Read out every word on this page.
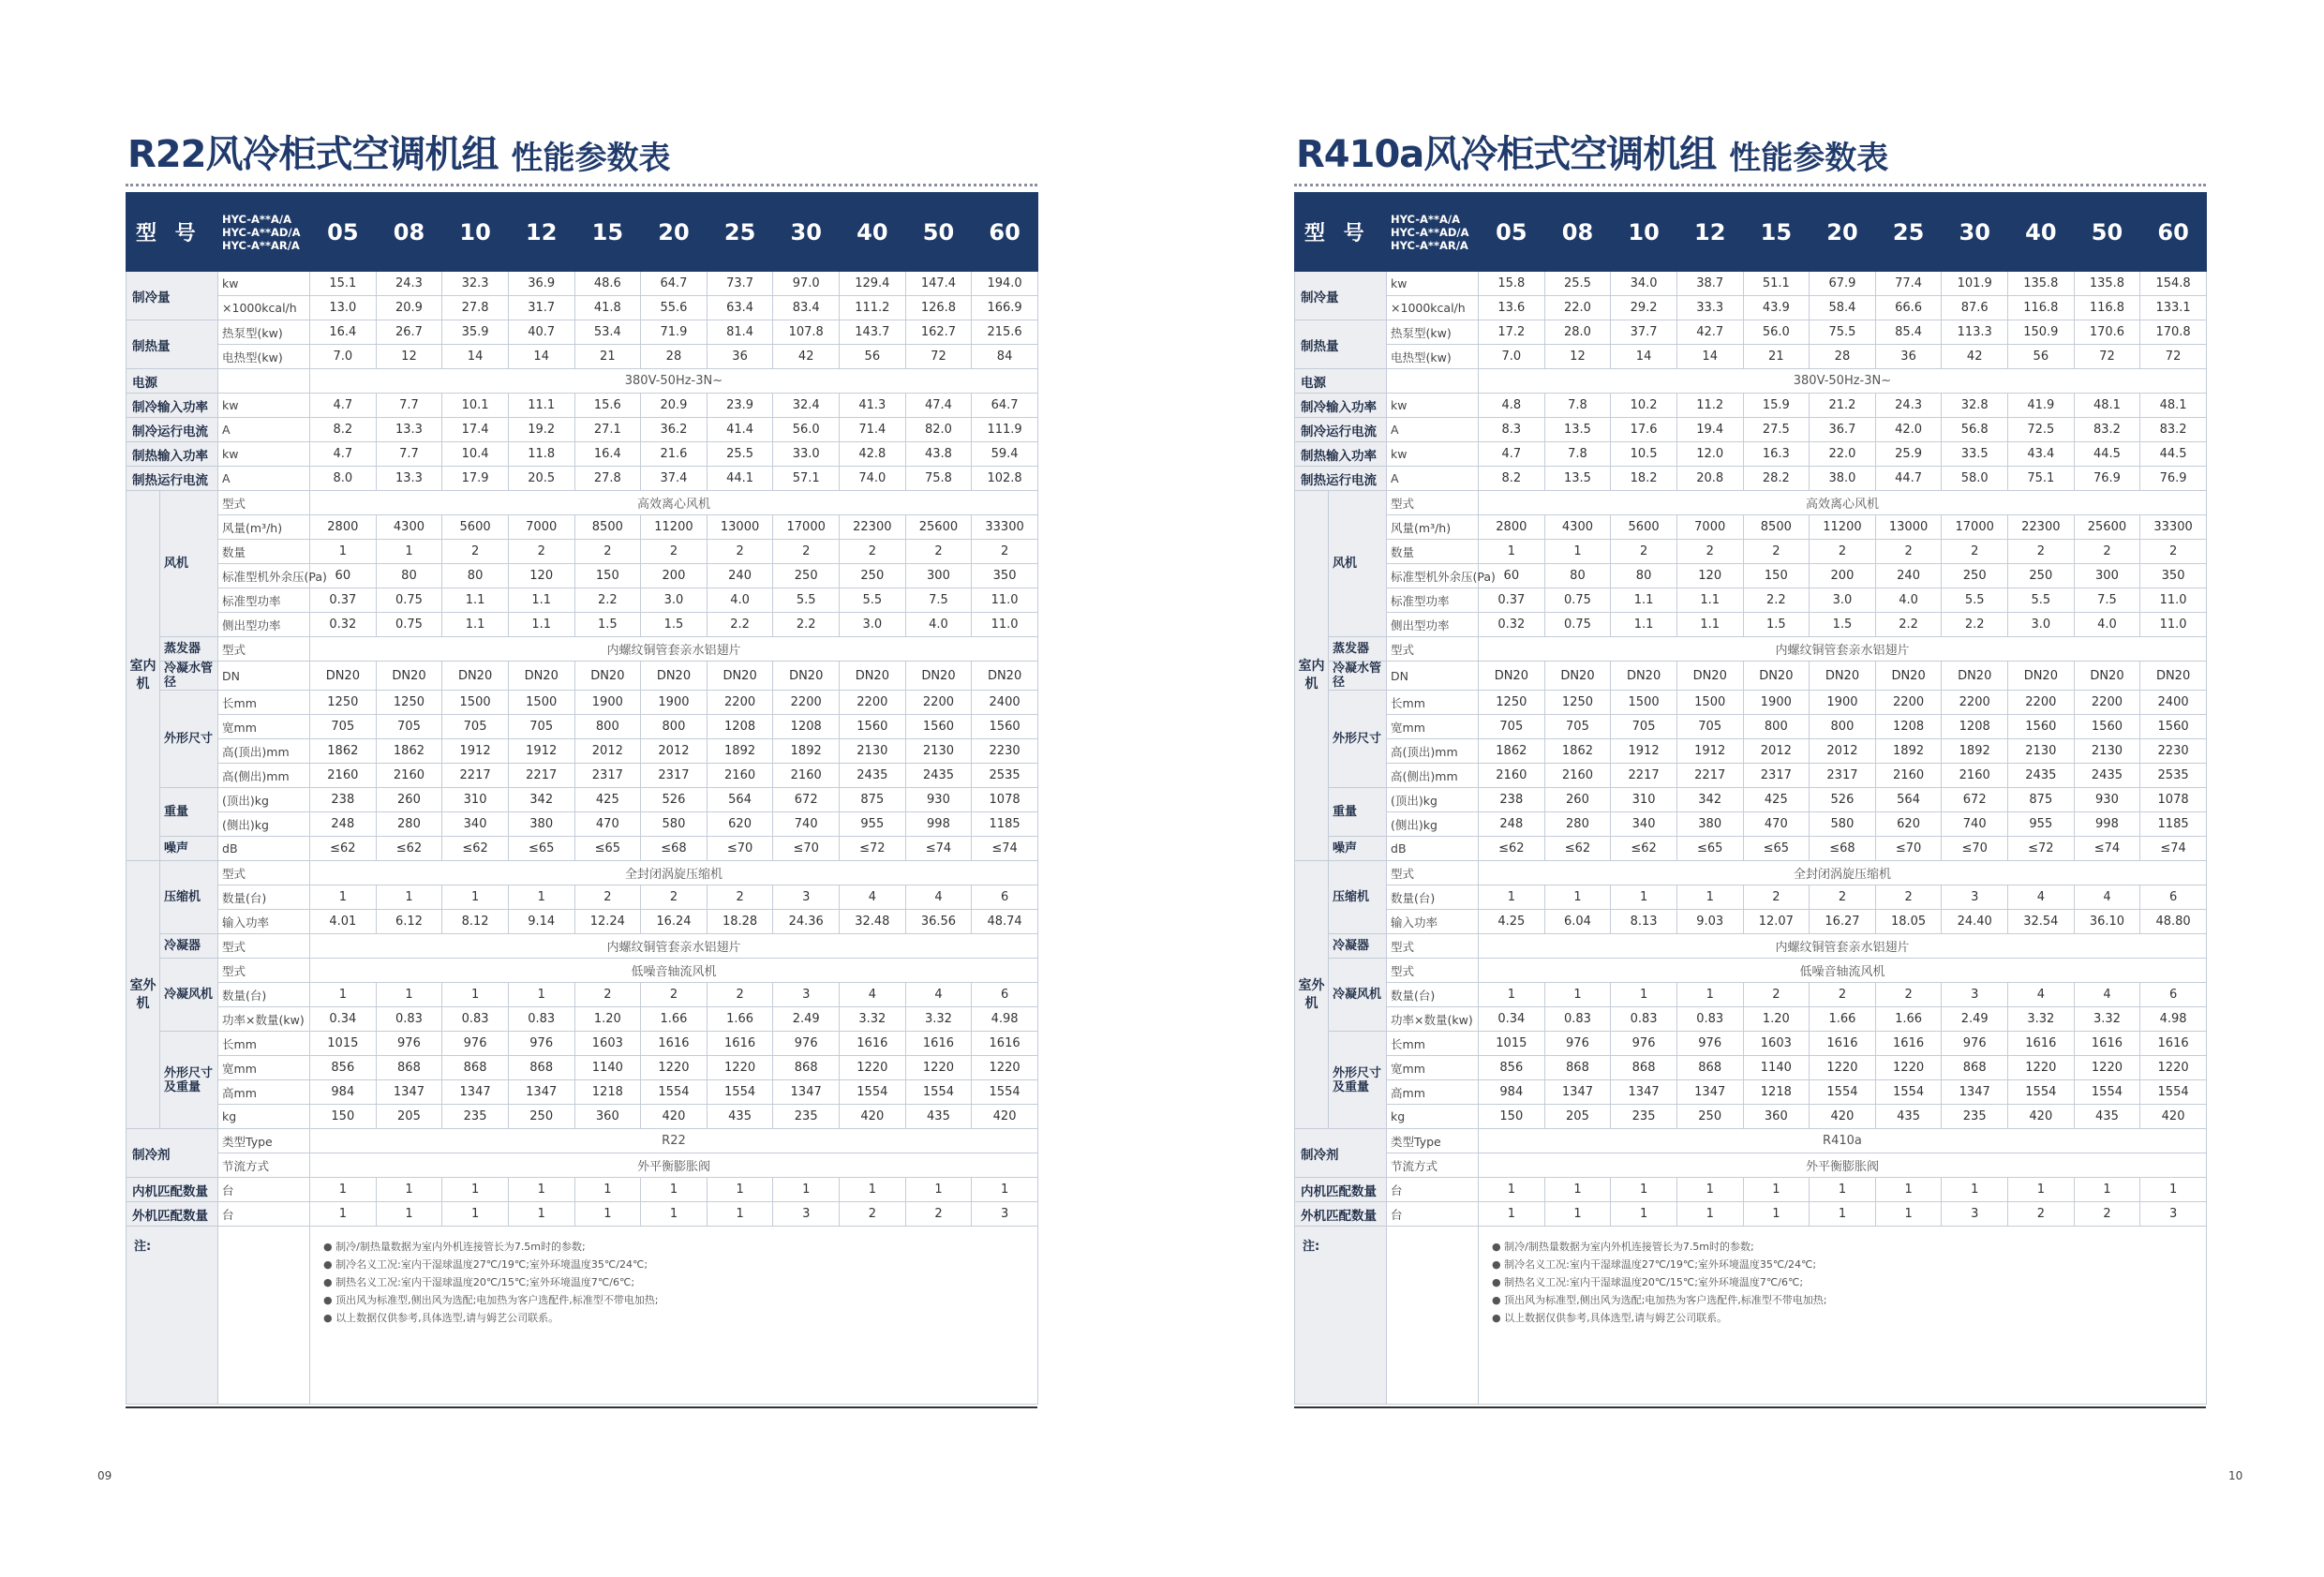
R22风冷柜式空调机组 性能参数表
型 号		HYC-A**A/A HYC-A**AD/A HYC-A**AR/A	05	08	10	12	15	20	25	30	40	50	60
制冷量		kw	15.1	24.3	32.3	36.9	48.6	64.7	73.7	97.0	129.4	147.4	194.0
		×1000kcal/h	13.0	20.9	27.8	31.7	41.8	55.6	63.4	83.4	111.2	126.8	166.9
制热量		热泵型(kw)	16.4	26.7	35.9	40.7	53.4	71.9	81.4	107.8	143.7	162.7	215.6
		电热型(kw)	7.0	12	14	14	21	28	36	42	56	72	84
电源			380V-50Hz-3N~										
制冷输入功率		kw	4.7	7.7	10.1	11.1	15.6	20.9	23.9	32.4	41.3	47.4	64.7
制冷运行电流		A	8.2	13.3	17.4	19.2	27.1	36.2	41.4	56.0	71.4	82.0	111.9
制热输入功率		kw	4.7	7.7	10.4	11.8	16.4	21.6	25.5	33.0	42.8	43.8	59.4
制热运行电流		A	8.0	13.3	17.9	20.5	27.8	37.4	44.1	57.1	74.0	75.8	102.8
室内机	风机	型式	高效离心风机										
		风量(m³/h)	2800	4300	5600	7000	8500	11200	13000	17000	22300	25600	33300
		数量	1	1	2	2	2	2	2	2	2	2	2
		标准型机外余压(Pa)	60	80	80	120	150	200	240	250	250	300	350
		标准型功率	0.37	0.75	1.1	1.1	2.2	3.0	4.0	5.5	5.5	7.5	11.0
		侧出型功率	0.32	0.75	1.1	1.1	1.5	1.5	2.2	2.2	3.0	4.0	11.0
	蒸发器	型式	内螺纹铜管套亲水铝翅片										
	冷凝水管径	DN	DN20	DN20	DN20	DN20	DN20	DN20	DN20	DN20	DN20	DN20	DN20
	外形尺寸	长mm	1250	1250	1500	1500	1900	1900	2200	2200	2200	2200	2400
		宽mm	705	705	705	705	800	800	1208	1208	1560	1560	1560
		高(顶出)mm	1862	1862	1912	1912	2012	2012	1892	1892	2130	2130	2230
		高(侧出)mm	2160	2160	2217	2217	2317	2317	2160	2160	2435	2435	2535
	重量	(顶出)kg	238	260	310	342	425	526	564	672	875	930	1078
		(侧出)kg	248	280	340	380	470	580	620	740	955	998	1185
	噪声	dB	≤62	≤62	≤62	≤65	≤65	≤68	≤70	≤70	≤72	≤74	≤74
室外机	压缩机	型式	全封闭涡旋压缩机										
		数量(台)	1	1	1	1	2	2	2	3	4	4	6
		输入功率	4.01	6.12	8.12	9.14	12.24	16.24	18.28	24.36	32.48	36.56	48.74
	冷凝器	型式	内螺纹铜管套亲水铝翅片										
	冷凝风机	型式	低噪音轴流风机										
		数量(台)	1	1	1	1	2	2	2	3	4	4	6
		功率×数量(kw)	0.34	0.83	0.83	0.83	1.20	1.66	1.66	2.49	3.32	3.32	4.98
	外形尺寸及重量	长mm	1015	976	976	976	1603	1616	1616	976	1616	1616	1616
		宽mm	856	868	868	868	1140	1220	1220	868	1220	1220	1220
		高mm	984	1347	1347	1347	1218	1554	1554	1347	1554	1554	1554
		kg	150	205	235	250	360	420	435	235	420	435	420
制冷剂		类型Type	R22										
		节流方式	外平衡膨胀阀										
内机匹配数量		台	1	1	1	1	1	1	1	1	1	1	1
外机匹配数量		台	1	1	1	1	1	1	1	3	2	2	3
注:			● 制冷/制热量数据为室内外机连接管长为7.5m时的参数;
● 制冷名义工况:室内干湿球温度27℃/19℃;室外环境温度35℃/24℃;
● 制热名义工况:室内干湿球温度20℃/15℃;室外环境温度7℃/6℃;
● 顶出风为标准型,侧出风为选配;电加热为客户选配件,标准型不带电加热;
● 以上数据仅供参考,具体选型,请与姆艺公司联系。										
R410a风冷柜式空调机组 性能参数表
型 号		HYC-A**A/A HYC-A**AD/A HYC-A**AR/A	05	08	10	12	15	20	25	30	40	50	60
制冷量		kw	15.8	25.5	34.0	38.7	51.1	67.9	77.4	101.9	135.8	135.8	154.8
		×1000kcal/h	13.6	22.0	29.2	33.3	43.9	58.4	66.6	87.6	116.8	116.8	133.1
制热量		热泵型(kw)	17.2	28.0	37.7	42.7	56.0	75.5	85.4	113.3	150.9	170.6	170.8
		电热型(kw)	7.0	12	14	14	21	28	36	42	56	72	72
电源			380V-50Hz-3N~										
制冷输入功率		kw	4.8	7.8	10.2	11.2	15.9	21.2	24.3	32.8	41.9	48.1	48.1
制冷运行电流		A	8.3	13.5	17.6	19.4	27.5	36.7	42.0	56.8	72.5	83.2	83.2
制热输入功率		kw	4.7	7.8	10.5	12.0	16.3	22.0	25.9	33.5	43.4	44.5	44.5
制热运行电流		A	8.2	13.5	18.2	20.8	28.2	38.0	44.7	58.0	75.1	76.9	76.9
室内机	风机	型式	高效离心风机										
		风量(m³/h)	2800	4300	5600	7000	8500	11200	13000	17000	22300	25600	33300
		数量	1	1	2	2	2	2	2	2	2	2	2
		标准型机外余压(Pa)	60	80	80	120	150	200	240	250	250	300	350
		标准型功率	0.37	0.75	1.1	1.1	2.2	3.0	4.0	5.5	5.5	7.5	11.0
		侧出型功率	0.32	0.75	1.1	1.1	1.5	1.5	2.2	2.2	3.0	4.0	11.0
	蒸发器	型式	内螺纹铜管套亲水铝翅片										
	冷凝水管径	DN	DN20	DN20	DN20	DN20	DN20	DN20	DN20	DN20	DN20	DN20	DN20
	外形尺寸	长mm	1250	1250	1500	1500	1900	1900	2200	2200	2200	2200	2400
		宽mm	705	705	705	705	800	800	1208	1208	1560	1560	1560
		高(顶出)mm	1862	1862	1912	1912	2012	2012	1892	1892	2130	2130	2230
		高(侧出)mm	2160	2160	2217	2217	2317	2317	2160	2160	2435	2435	2535
	重量	(顶出)kg	238	260	310	342	425	526	564	672	875	930	1078
		(侧出)kg	248	280	340	380	470	580	620	740	955	998	1185
	噪声	dB	≤62	≤62	≤62	≤65	≤65	≤68	≤70	≤70	≤72	≤74	≤74
室外机	压缩机	型式	全封闭涡旋压缩机										
		数量(台)	1	1	1	1	2	2	2	3	4	4	6
		输入功率	4.25	6.04	8.13	9.03	12.07	16.27	18.05	24.40	32.54	36.10	48.80
	冷凝器	型式	内螺纹铜管套亲水铝翅片										
	冷凝风机	型式	低噪音轴流风机										
		数量(台)	1	1	1	1	2	2	2	3	4	4	6
		功率×数量(kw)	0.34	0.83	0.83	0.83	1.20	1.66	1.66	2.49	3.32	3.32	4.98
	外形尺寸及重量	长mm	1015	976	976	976	1603	1616	1616	976	1616	1616	1616
		宽mm	856	868	868	868	1140	1220	1220	868	1220	1220	1220
		高mm	984	1347	1347	1347	1218	1554	1554	1347	1554	1554	1554
		kg	150	205	235	250	360	420	435	235	420	435	420
制冷剂		类型Type	R410a										
		节流方式	外平衡膨胀阀										
内机匹配数量		台	1	1	1	1	1	1	1	1	1	1	1
外机匹配数量		台	1	1	1	1	1	1	1	3	2	2	3
注:			● 制冷/制热量数据为室内外机连接管长为7.5m时的参数;
● 制冷名义工况:室内干湿球温度27℃/19℃;室外环境温度35℃/24℃;
● 制热名义工况:室内干湿球温度20℃/15℃;室外环境温度7℃/6℃;
● 顶出风为标准型,侧出风为选配;电加热为客户选配件,标准型不带电加热;
● 以上数据仅供参考,具体选型,请与姆艺公司联系。										
09	10
